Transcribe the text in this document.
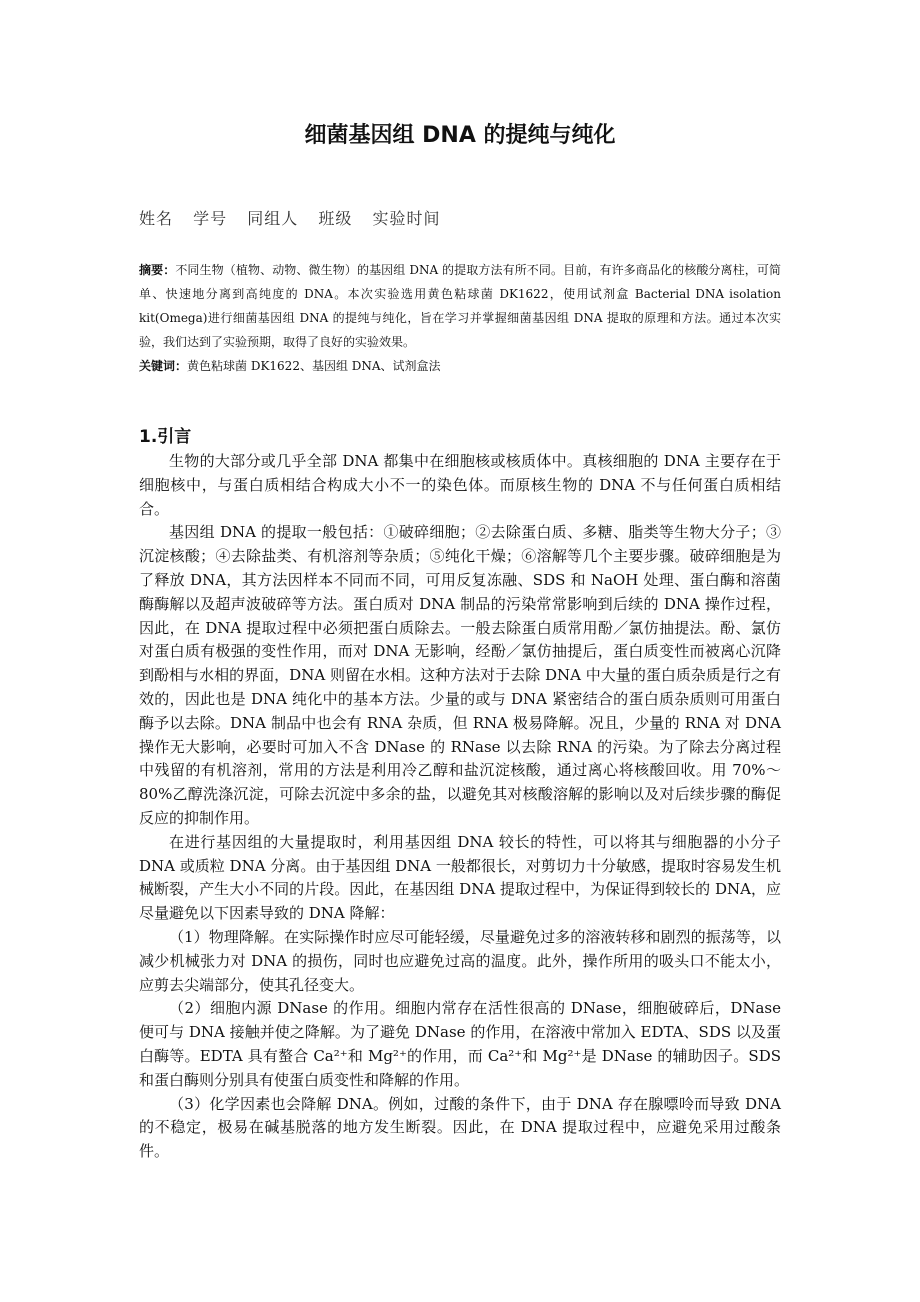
细菌基因组 DNA 的提纯与纯化
姓名 学号 同组人 班级 实验时间

摘要：不同生物（植物、动物、微生物）的基因组 DNA 的提取方法有所不同。目前，有许多商品化的核酸分离柱，可简单、快速地分离到高纯度的 DNA。本次实验选用黄色粘球菌 DK1622，使用试剂盒 Bacterial DNA isolation kit(Omega)进行细菌基因组 DNA 的提纯与纯化，旨在学习并掌握细菌基因组 DNA 提取的原理和方法。通过本次实验，我们达到了实验预期，取得了良好的实验效果。

关键词：黄色粘球菌 DK1622、基因组 DNA、试剂盒法

1.引言

生物的大部分或几乎全部 DNA 都集中在细胞核或核质体中。真核细胞的 DNA 主要存在于细胞核中，与蛋白质相结合构成大小不一的染色体。而原核生物的 DNA 不与任何蛋白质相结合。

基因组 DNA 的提取一般包括：①破碎细胞；②去除蛋白质、多糖、脂类等生物大分子；③沉淀核酸；④去除盐类、有机溶剂等杂质；⑤纯化干燥；⑥溶解等几个主要步骤。破碎细胞是为了释放 DNA，其方法因样本不同而不同，可用反复冻融、SDS 和 NaOH 处理、蛋白酶和溶菌酶酶解以及超声波破碎等方法。蛋白质对 DNA 制品的污染常常影响到后续的 DNA 操作过程，因此，在 DNA 提取过程中必须把蛋白质除去。一般去除蛋白质常用酚／氯仿抽提法。酚、氯仿对蛋白质有极强的变性作用，而对 DNA 无影响，经酚／氯仿抽提后，蛋白质变性而被离心沉降到酚相与水相的界面，DNA 则留在水相。这种方法对于去除 DNA 中大量的蛋白质杂质是行之有效的，因此也是 DNA 纯化中的基本方法。少量的或与 DNA 紧密结合的蛋白质杂质则可用蛋白酶予以去除。DNA 制品中也会有 RNA 杂质，但 RNA 极易降解。况且，少量的 RNA 对 DNA 操作无大影响，必要时可加入不含 DNase 的 RNase 以去除 RNA 的污染。为了除去分离过程中残留的有机溶剂，常用的方法是利用冷乙醇和盐沉淀核酸，通过离心将核酸回收。用 70%～80%乙醇洗涤沉淀，可除去沉淀中多余的盐，以避免其对核酸溶解的影响以及对后续步骤的酶促反应的抑制作用。

在进行基因组的大量提取时，利用基因组 DNA 较长的特性，可以将其与细胞器的小分子 DNA 或质粒 DNA 分离。由于基因组 DNA 一般都很长，对剪切力十分敏感，提取时容易发生机械断裂，产生大小不同的片段。因此，在基因组 DNA 提取过程中，为保证得到较长的 DNA，应尽量避免以下因素导致的 DNA 降解：

（1）物理降解。在实际操作时应尽可能轻缓，尽量避免过多的溶液转移和剧烈的振荡等，以减少机械张力对 DNA 的损伤，同时也应避免过高的温度。此外，操作所用的吸头口不能太小，应剪去尖端部分，使其孔径变大。

（2）细胞内源 DNase 的作用。细胞内常存在活性很高的 DNase，细胞破碎后，DNase 便可与 DNA 接触并使之降解。为了避免 DNase 的作用，在溶液中常加入 EDTA、SDS 以及蛋白酶等。EDTA 具有螯合 Ca²⁺和 Mg²⁺的作用，而 Ca²⁺和 Mg²⁺是 DNase 的辅助因子。SDS 和蛋白酶则分别具有使蛋白质变性和降解的作用。

（3）化学因素也会降解 DNA。例如，过酸的条件下，由于 DNA 存在腺嘌呤而导致 DNA 的不稳定，极易在碱基脱落的地方发生断裂。因此，在 DNA 提取过程中，应避免采用过酸条件。
